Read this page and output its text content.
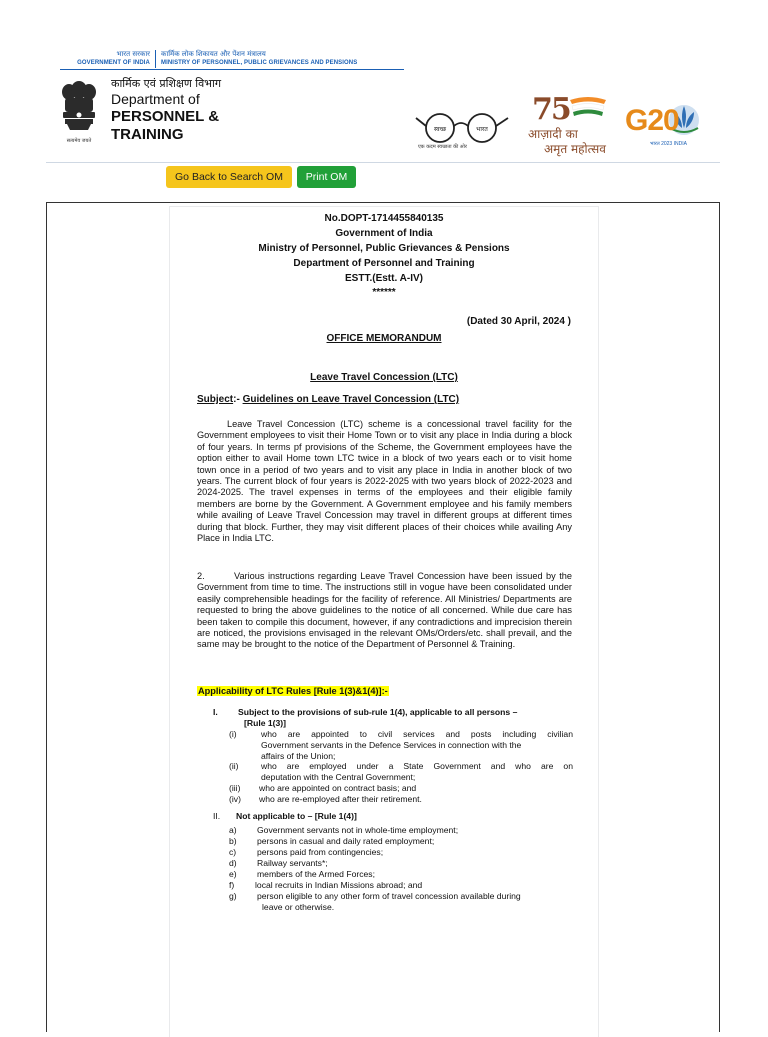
भारत सरकार
GOVERNMENT OF INDIA
कार्मिक लोक शिकायत और पेंशन मंत्रालय
MINISTRY OF PERSONNEL, PUBLIC GRIEVANCES AND PENSIONS
सत्यमेव जयते
कार्मिक एवं प्रशिक्षण विभाग
Department of
PERSONNEL &
TRAINING	स्वच्छ	भारत
एक कदम स्वच्छता की ओर
75
आज़ादी का
अमृत महोत्सव
G20
भारत 2023 INDIA
Go Back to Search OM	Print OM
No.DOPT-1714455840135
Government of India
Ministry of Personnel, Public Grievances & Pensions
Department of Personnel and Training
ESTT.(Estt. A-IV)
******
(Dated 30 April, 2024 )
OFFICE MEMORANDUM
Leave Travel Concession (LTC)
Subject:- Guidelines on Leave Travel Concession (LTC)
Leave Travel Concession (LTC) scheme is a concessional travel facility for the Government employees to visit their Home Town or to visit any place in India during a block of four years. In terms pf provisions of the Scheme, the Government employees have the option either to avail Home town LTC twice in a block of two years each or to visit home town once in a period of two years and to visit any place in India in another block of two years. The current block of four years is 2022-2025 with two years block of 2022-2023 and 2024-2025. The travel expenses in terms of the employees and their eligible family members are borne by the Government. A Government employee and his family members while availing of Leave Travel Concession may travel in different groups at different times during that block. Further, they may visit different places of their choices while availing Any Place in India LTC.
2.	Various instructions regarding Leave Travel Concession have been issued by the Government from time to time. The instructions still in vogue have been consolidated under easily comprehensible headings for the facility of reference. All Ministries/ Departments are requested to bring the above guidelines to the notice of all concerned. While due care has been taken to compile this document, however, if any contradictions and imprecision therein are noticed, the provisions envisaged in the relevant OMs/Orders/etc. shall prevail, and the same may be brought to the notice of the Department of Personnel & Training.
Applicability of LTC Rules [Rule 1(3)&1(4)]:-
I. Subject to the provisions of sub-rule 1(4), applicable to all persons –
[Rule 1(3)]
(i)	who are appointed to civil services and posts including civilian
Government servants in the Defence Services in connection with the
affairs of the Union;
(ii)	who are employed under a State Government and who are on
deputation with the Central Government;
(iii) who are appointed on contract basis; and
(iv) who are re-employed after their retirement.
II. Not applicable to – [Rule 1(4)]
a) Government servants not in whole-time employment;
b) persons in casual and daily rated employment;
c) persons paid from contingencies;
d) Railway servants*;
e) members of the Armed Forces;
f) local recruits in Indian Missions abroad; and
g) person eligible to any other form of travel concession available during
leave or otherwise.
